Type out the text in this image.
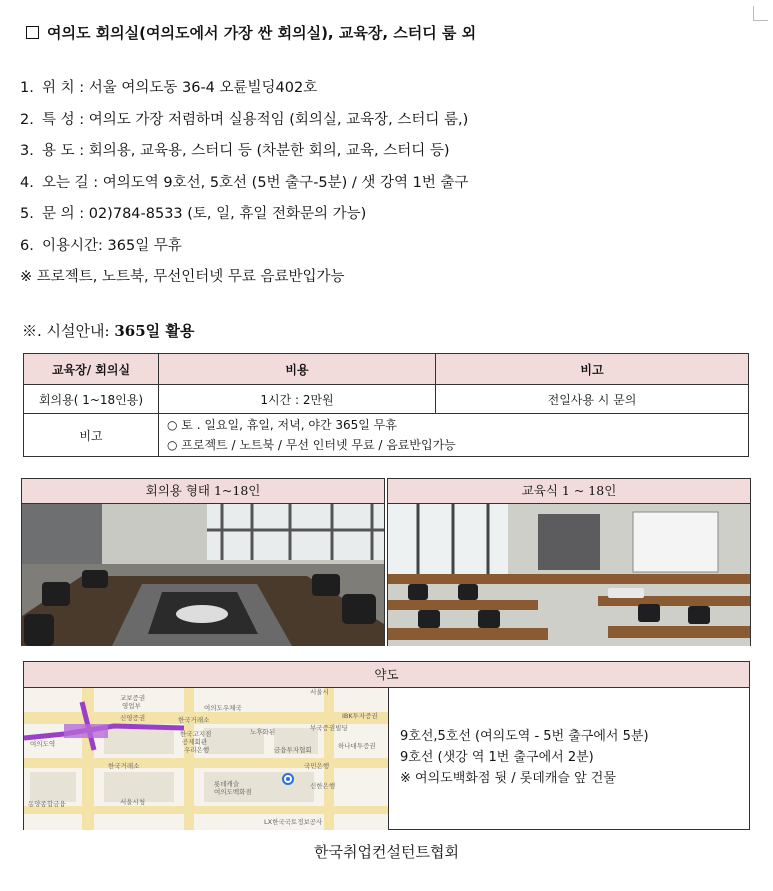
여의도 회의실(여의도에서 가장 싼 회의실), 교육장, 스터디 룸 외
1. 위 치 : 서울 여의도동 36-4 오륜빌딩402호
2. 특 성 : 여의도 가장 저렴하며 실용적임 (회의실, 교육장, 스터디 룸,)
3. 용 도 : 회의용, 교육용, 스터디 등 (차분한 회의, 교육, 스터디 등)
4. 오는 길 : 여의도역 9호선, 5호선 (5번 출구-5분) / 샛 강역 1번 출구
5. 문 의 : 02)784-8533 (토, 일, 휴일 전화문의 가능)
6. 이용시간: 365일 무휴
※ 프로젝트, 노트북, 무선인터넷 무료 음료반입가능
※. 시설안내: 365일 활용
교육장/ 회의실	비용	비고
회의용( 1~18인용)	1시간 : 2만원	전일사용 시 문의
비고	○ 토 . 일요일, 휴일, 저녁, 야간 365일 무휴
○ 프로젝트 / 노트북 / 무선 인터넷 무료 / 음료반입가능	
회의용 형태 1~18인	교육식 1 ~ 18인
약도
교보증권
영업부
신영증권
서울시
여의도우체국
한국거래소
한국고지점
공제회관
노후화된	부국증권빌딩
IBK투자증권
우리은행
여의도역
금융투자협회	하나대투증권
롯데캐슬
여의도백화점
국민은행
신한은행
한국거래소
동양종합금융	서울시청
LX한국국토정보공사
9호선,5호선 (여의도역 - 5번 출구에서 5분)
9호선 (샛강 역 1번 출구에서 2분)
※ 여의도백화점 뒷 / 롯데캐슬 앞 건물
한국취업컨설턴트협회
